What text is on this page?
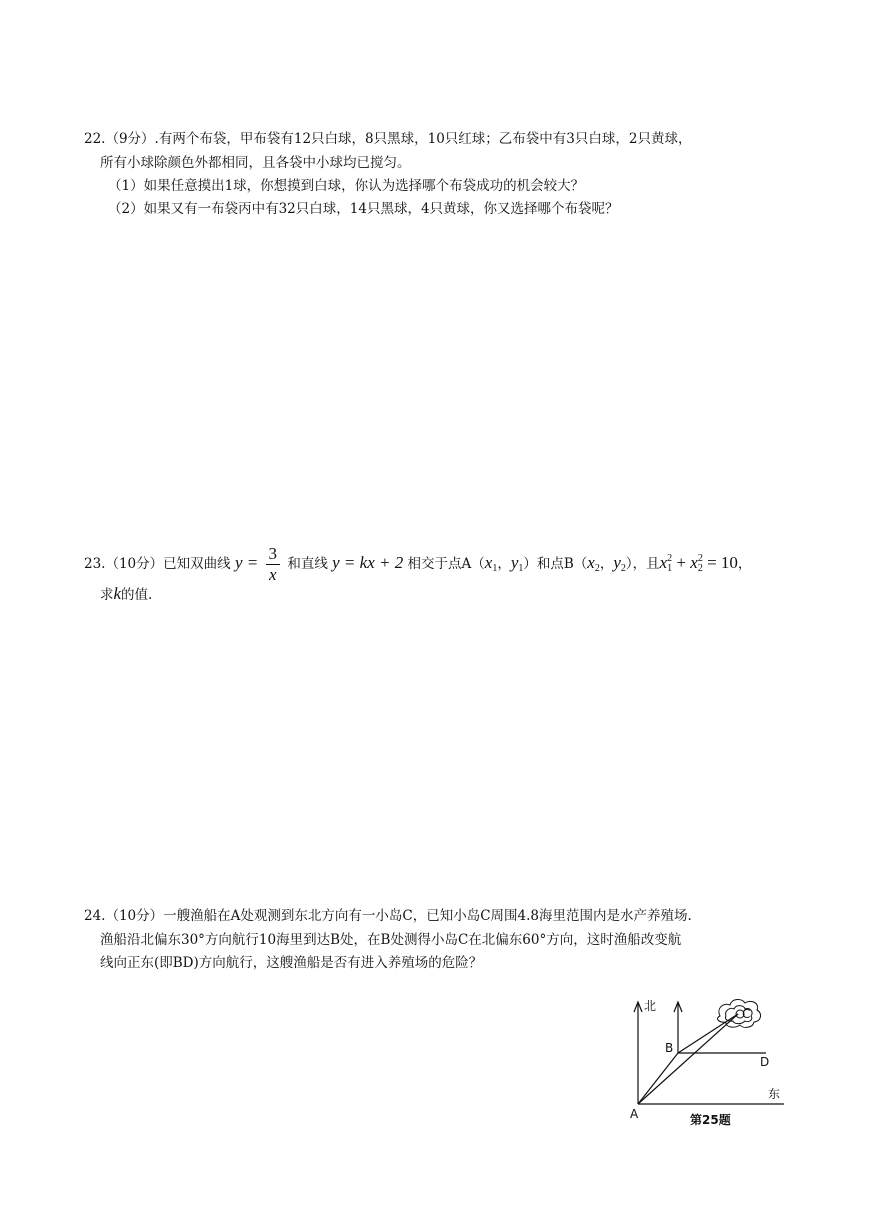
22.（9分）.有两个布袋，甲布袋有12只白球，8只黑球，10只红球；乙布袋中有3只白球，2只黄球，
所有小球除颜色外都相同，且各袋中小球均已搅匀。
（1）如果任意摸出1球，你想摸到白球，你认为选择哪个布袋成功的机会较大？
（2）如果又有一布袋丙中有32只白球，14只黑球，4只黄球，你又选择哪个布袋呢？
23.（10分）已知双曲线 $y = \frac{3}{x}$ 和直线 y = kx + 2 相交于点$A(x_1$，$y_1$）和点$B(x_2$，$y_2$），且$x_1^2 + x_2^2 = 10$，
求k的值.
24.（10分）一艘渔船在A处观测到东北方向有一小岛C，已知小岛C周围4.8海里范围内是水产养殖场.
渔船沿北偏东30°方向航行10海里到达B处，在B处测得小岛C在北偏东60°方向，这时渔船改变航
线向正东(即BD)方向航行，这艘渔船是否有进入养殖场的危险？
北
东
A
B
C
D
第25题
